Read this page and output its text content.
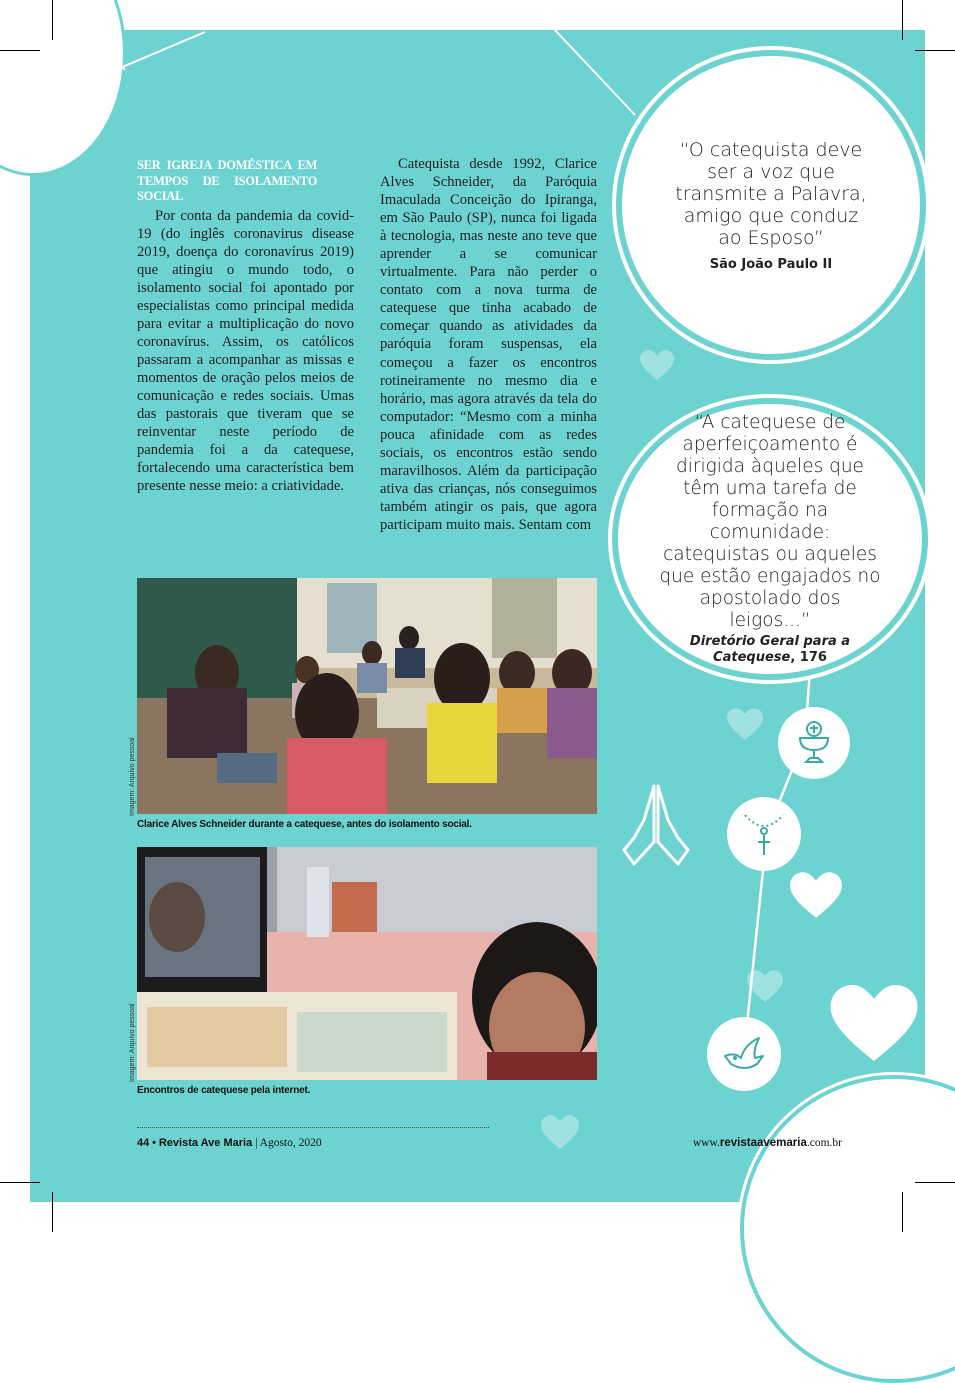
SER IGREJA DOMÉSTICA EM TEMPOS DE ISOLAMENTO SOCIAL

Por conta da pandemia da covid-19 (do inglês coronavirus disease 2019, doença do coronavírus 2019) que atingiu o mundo todo, o isolamento social foi apontado por especialistas como principal medida para evitar a multiplicação do novo coronavírus. Assim, os católicos passaram a acompanhar as missas e momentos de oração pelos meios de comunicação e redes sociais. Umas das pastorais que tiveram que se reinventar neste período de pandemia foi a da catequese, fortalecendo uma característica bem presente nesse meio: a criatividade.

Catequista desde 1992, Clarice Alves Schneider, da Paróquia Imaculada Conceição do Ipiranga, em São Paulo (SP), nunca foi ligada à tecnologia, mas neste ano teve que aprender a se comunicar virtualmente. Para não perder o contato com a nova turma de catequese que tinha acabado de começar quando as atividades da paróquia foram suspensas, ela começou a fazer os encontros rotineiramente no mesmo dia e horário, mas agora através da tela do computador: “Mesmo com a minha pouca afinidade com as redes sociais, os encontros estão sendo maravilhosos. Além da participação ativa das crianças, nós conseguimos também atingir os pais, que agora participam muito mais. Sentam com

“O catequista deve ser a voz que transmite a Palavra, amigo que conduz ao Esposo”
São João Paulo II
“A catequese de aperfeiçoamento é dirigida àqueles que têm uma tarefa de formação na comunidade: catequistas ou aqueles que estão engajados no apostolado dos leigos...”
Diretório Geral para a Catequese, 176
Imagem: Arquivo pessoal
Clarice Alves Schneider durante a catequese, antes do isolamento social.
Imagem: Arquivo pessoal
Encontros de catequese pela internet.
44 • Revista Ave Maria | Agosto, 2020	www.revistaavemaria.com.br
